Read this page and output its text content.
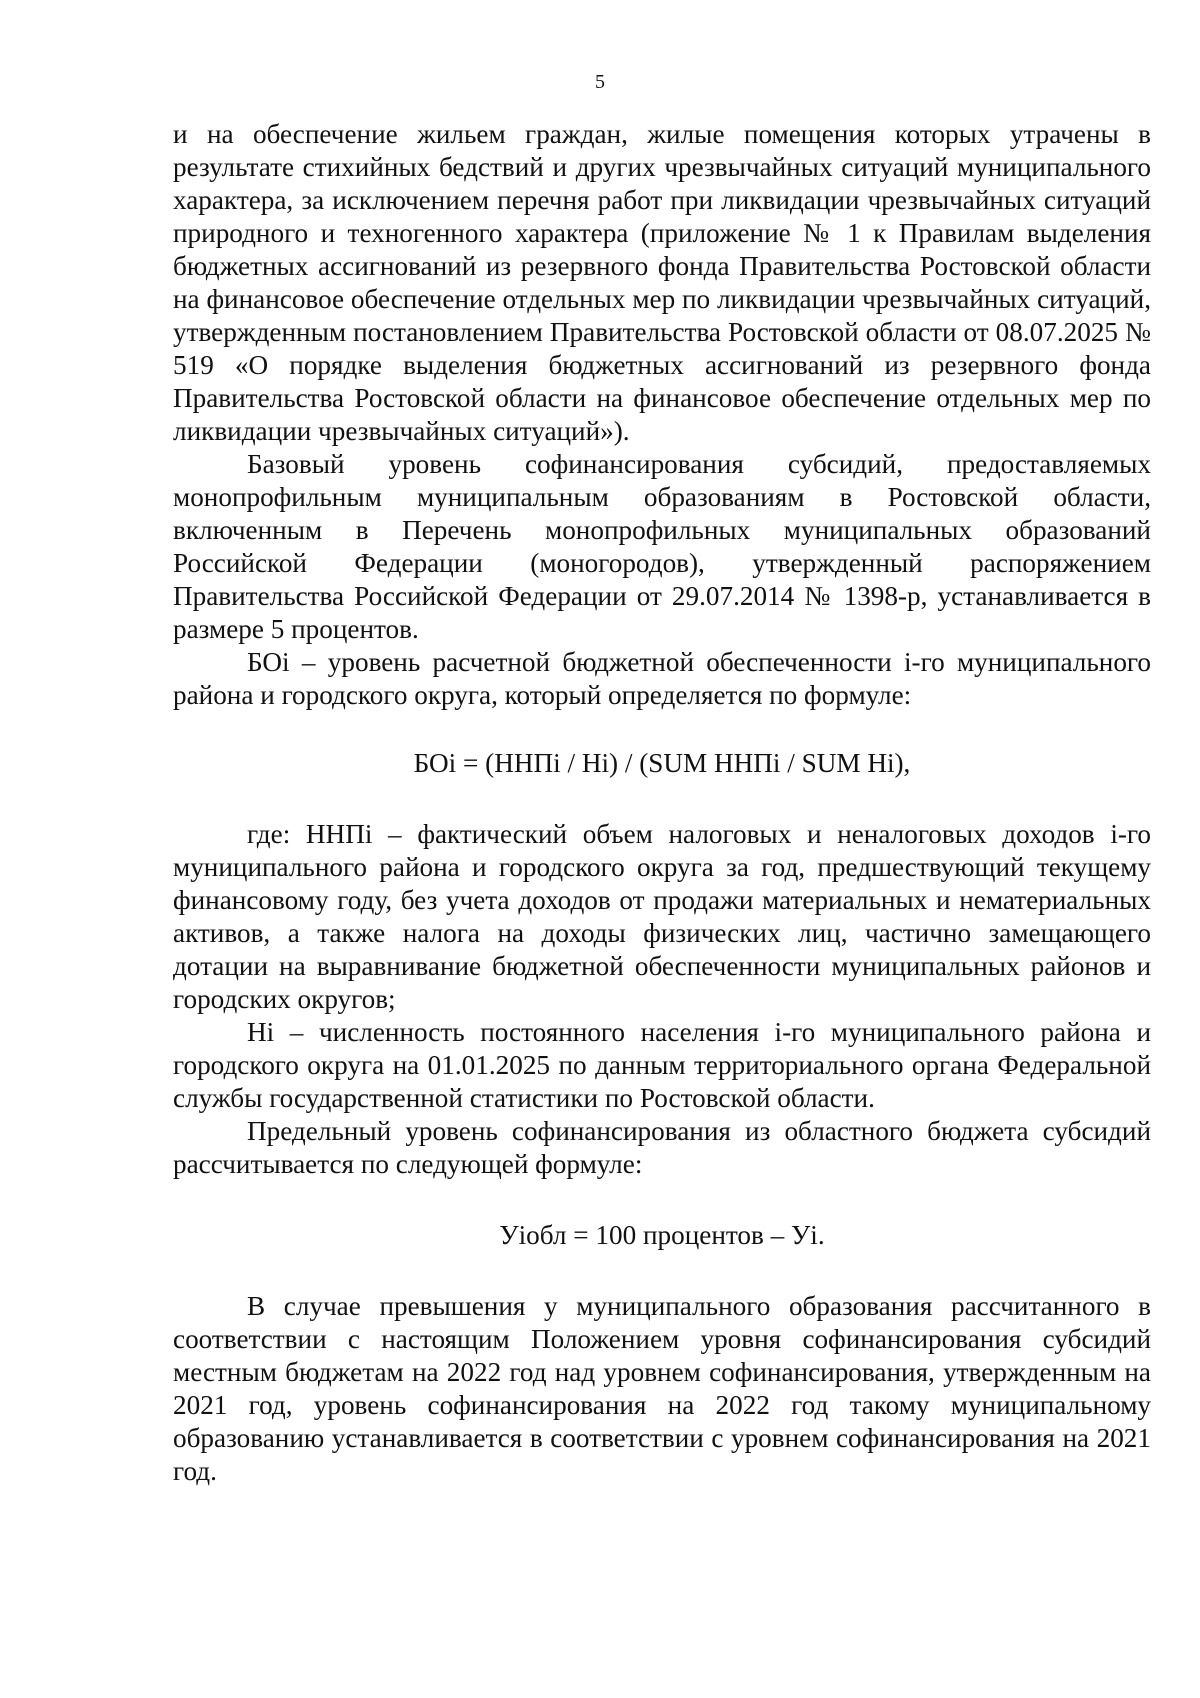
5

и на обеспечение жильем граждан, жилые помещения которых утрачены в результате стихийных бедствий и других чрезвычайных ситуаций муниципального характера, за исключением перечня работ при ликвидации чрезвычайных ситуаций природного и техногенного характера (приложение № 1 к Правилам выделения бюджетных ассигнований из резервного фонда Правительства Ростовской области на финансовое обеспечение отдельных мер по ликвидации чрезвычайных ситуаций, утвержденным постановлением Правительства Ростовской области от 08.07.2025 № 519 «О порядке выделения бюджетных ассигнований из резервного фонда Правительства Ростовской области на финансовое обеспечение отдельных мер по ликвидации чрезвычайных ситуаций»).

Базовый уровень софинансирования субсидий, предоставляемых монопрофильным муниципальным образованиям в Ростовской области, включенным в Перечень монопрофильных муниципальных образований Российской Федерации (моногородов), утвержденный распоряжением Правительства Российской Федерации от 29.07.2014 № 1398-р, устанавливается в размере 5 процентов.

БОi – уровень расчетной бюджетной обеспеченности i-го муниципального района и городского округа, который определяется по формуле:

БОi = (ННПi / Нi) / (SUM ННПi / SUM Нi),

где: ННПi – фактический объем налоговых и неналоговых доходов i-го муниципального района и городского округа за год, предшествующий текущему финансовому году, без учета доходов от продажи материальных и нематериальных активов, а также налога на доходы физических лиц, частично замещающего дотации на выравнивание бюджетной обеспеченности муниципальных районов и городских округов;

Нi – численность постоянного населения i-го муниципального района и городского округа на 01.01.2025 по данным территориального органа Федеральной службы государственной статистики по Ростовской области.

Предельный уровень софинансирования из областного бюджета субсидий рассчитывается по следующей формуле:

Уiобл = 100 процентов – Уi.

В случае превышения у муниципального образования рассчитанного в соответствии с настоящим Положением уровня софинансирования субсидий местным бюджетам на 2022 год над уровнем софинансирования, утвержденным на 2021 год, уровень софинансирования на 2022 год такому муниципальному образованию устанавливается в соответствии с уровнем софинансирования на 2021 год.
